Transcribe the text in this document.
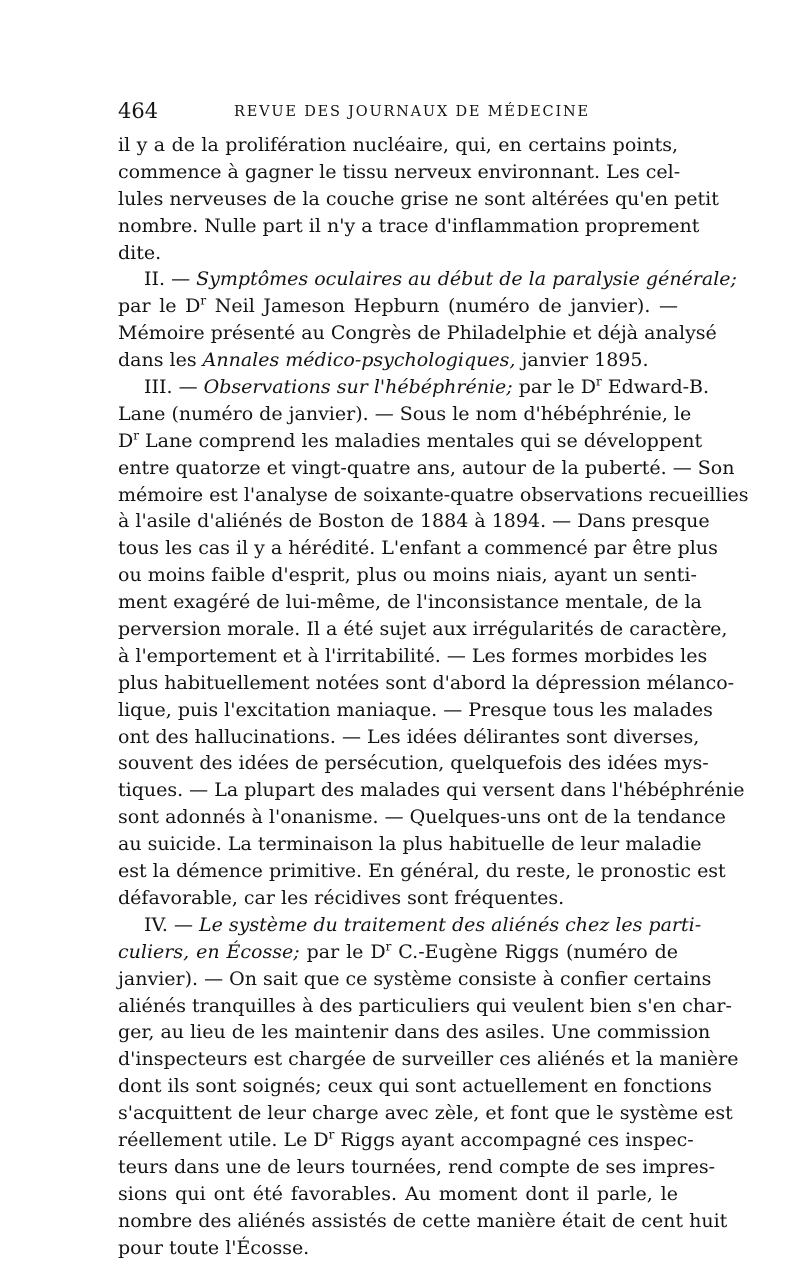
464	REVUE DES JOURNAUX DE MÉDECINE
il y a de la prolifération nucléaire, qui, en certains points,
commence à gagner le tissu nerveux environnant. Les cel-
lules nerveuses de la couche grise ne sont altérées qu'en petit
nombre. Nulle part il n'y a trace d'inflammation proprement
dite.
II. — Symptômes oculaires au début de la paralysie générale;
par le $D^r$ Neil Jameson Hepburn (numéro de janvier). —
Mémoire présenté au Congrès de Philadelphie et déjà analysé
dans les Annales médico-psychologiques, janvier 1895.
III. — Observations sur l'hébéphrénie; par le $D^r$ Edward-B.
Lane (numéro de janvier). — Sous le nom d'hébéphrénie, le
$D^r$ Lane comprend les maladies mentales qui se développent
entre quatorze et vingt-quatre ans, autour de la puberté. — Son
mémoire est l'analyse de soixante-quatre observations recueillies
à l'asile d'aliénés de Boston de 1884 à 1894. — Dans presque
tous les cas il y a hérédité. L'enfant a commencé par être plus
ou moins faible d'esprit, plus ou moins niais, ayant un senti-
ment exagéré de lui-même, de l'inconsistance mentale, de la
perversion morale. Il a été sujet aux irrégularités de caractère,
à l'emportement et à l'irritabilité. — Les formes morbides les
plus habituellement notées sont d'abord la dépression mélanco-
lique, puis l'excitation maniaque. — Presque tous les malades
ont des hallucinations. — Les idées délirantes sont diverses,
souvent des idées de persécution, quelquefois des idées mys-
tiques. — La plupart des malades qui versent dans l'hébéphrénie
sont adonnés à l'onanisme. — Quelques-uns ont de la tendance
au suicide. La terminaison la plus habituelle de leur maladie
est la démence primitive. En général, du reste, le pronostic est
défavorable, car les récidives sont fréquentes.
IV. — Le système du traitement des aliénés chez les parti-
culiers, en Écosse; par le $D^r$ C.-Eugène Riggs (numéro de
janvier). — On sait que ce système consiste à confier certains
aliénés tranquilles à des particuliers qui veulent bien s'en char-
ger, au lieu de les maintenir dans des asiles. Une commission
d'inspecteurs est chargée de surveiller ces aliénés et la manière
dont ils sont soignés; ceux qui sont actuellement en fonctions
s'acquittent de leur charge avec zèle, et font que le système est
réellement utile. Le $D^r$ Riggs ayant accompagné ces inspec-
teurs dans une de leurs tournées, rend compte de ses impres-
sions qui ont été favorables. Au moment dont il parle, le
nombre des aliénés assistés de cette manière était de cent huit
pour toute l'Écosse.
